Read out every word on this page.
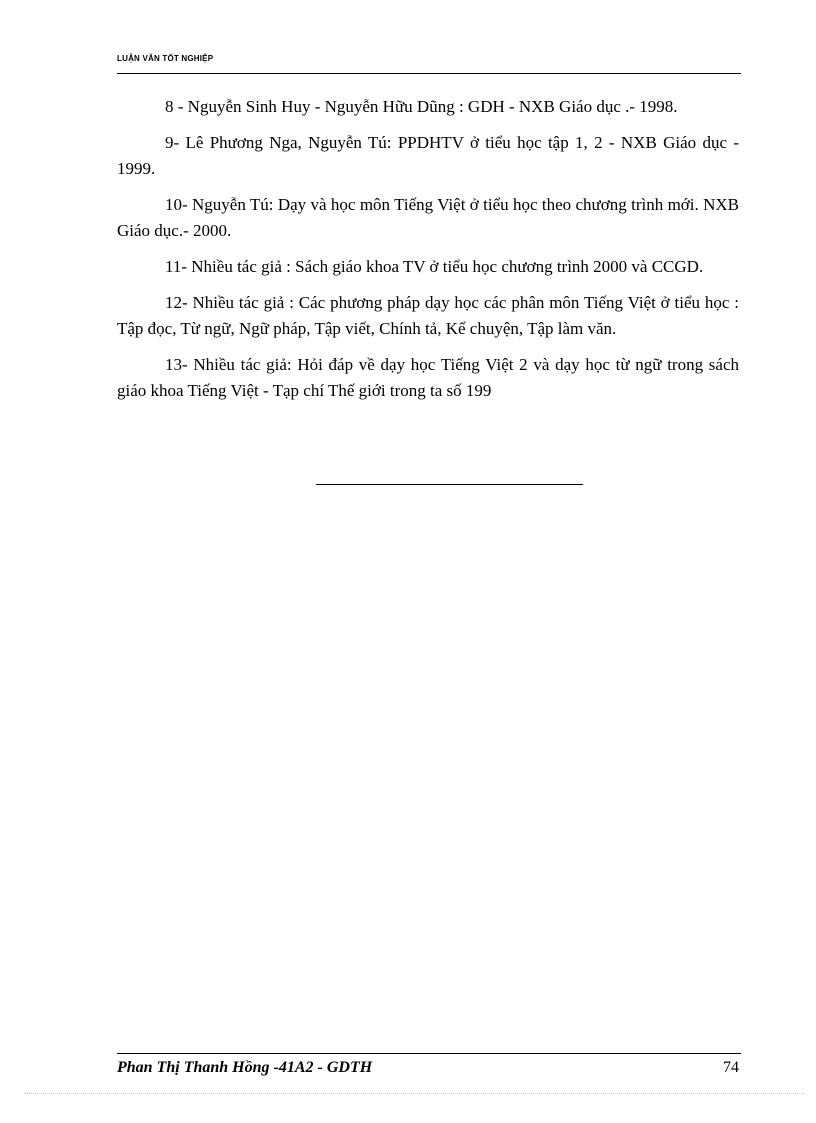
LUẬN VĂN TỐT NGHIỆP

8 - Nguyễn Sinh Huy - Nguyễn Hữu Dũng : GDH - NXB Giáo dục .- 1998.

9- Lê Phương Nga, Nguyễn Tú: PPDHTV ở tiểu học tập 1, 2 - NXB Giáo dục - 1999.

10- Nguyễn Tú: Dạy và học môn Tiếng Việt ở tiểu học theo chương trình mới. NXB Giáo dục.- 2000.

11- Nhiều tác giả : Sách giáo khoa TV ở tiểu học chương trình 2000 và CCGD.

12- Nhiều tác giả : Các phương pháp dạy học các phân môn Tiếng Việt ở tiểu học : Tập đọc, Từ ngữ, Ngữ pháp, Tập viết, Chính tả, Kể chuyện, Tập làm văn.

13- Nhiều tác giả: Hỏi đáp về dạy học Tiếng Việt 2 và dạy học từ ngữ trong sách giáo khoa Tiếng Việt - Tạp chí Thế giới trong ta số 199

Phan Thị Thanh Hồng -41A2 - GDTH	74
